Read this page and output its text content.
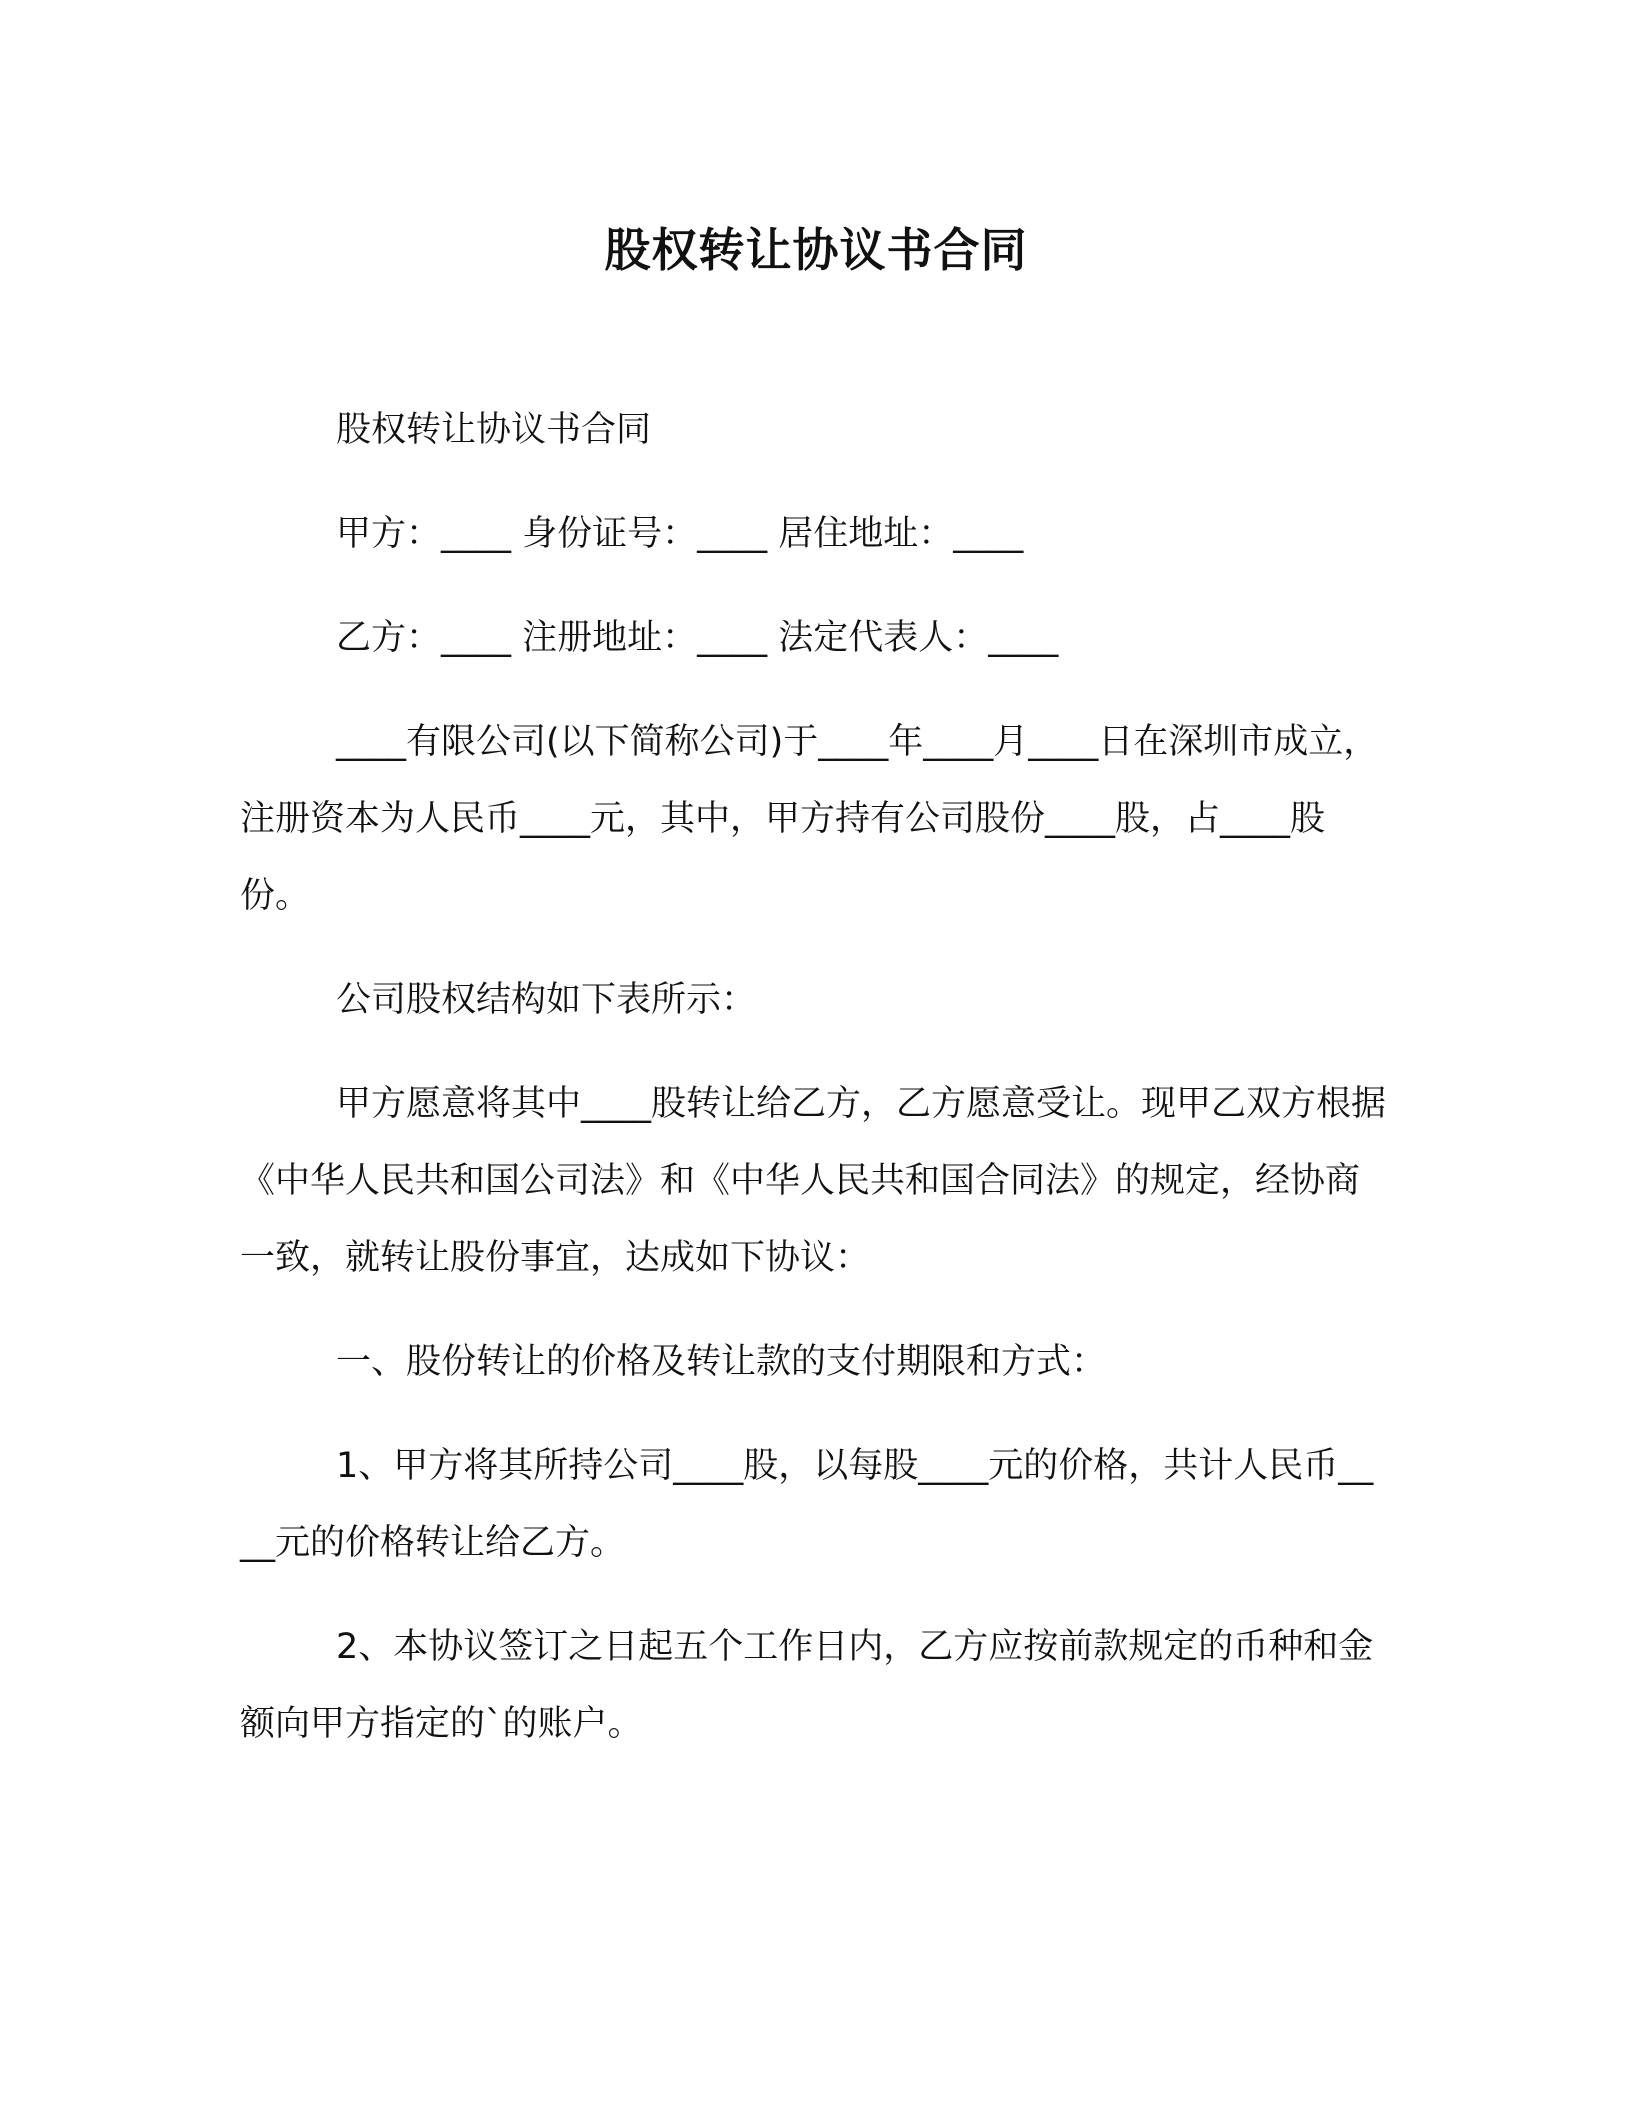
股权转让协议书合同

股权转让协议书合同

甲方：____ 身份证号：____ 居住地址：____

乙方：____ 注册地址：____ 法定代表人：____

____有限公司(以下简称公司)于____年____月____日在深圳市成立，注册资本为人民币____元，其中，甲方持有公司股份____股，占____股份。

公司股权结构如下表所示：

甲方愿意将其中____股转让给乙方，乙方愿意受让。现甲乙双方根据《中华人民共和国公司法》和《中华人民共和国合同法》的规定，经协商一致，就转让股份事宜，达成如下协议：

一、股份转让的价格及转让款的支付期限和方式：

1、甲方将其所持公司____股，以每股____元的价格，共计人民币____元的价格转让给乙方。

2、本协议签订之日起五个工作日内，乙方应按前款规定的币种和金额向甲方指定的`的账户。
